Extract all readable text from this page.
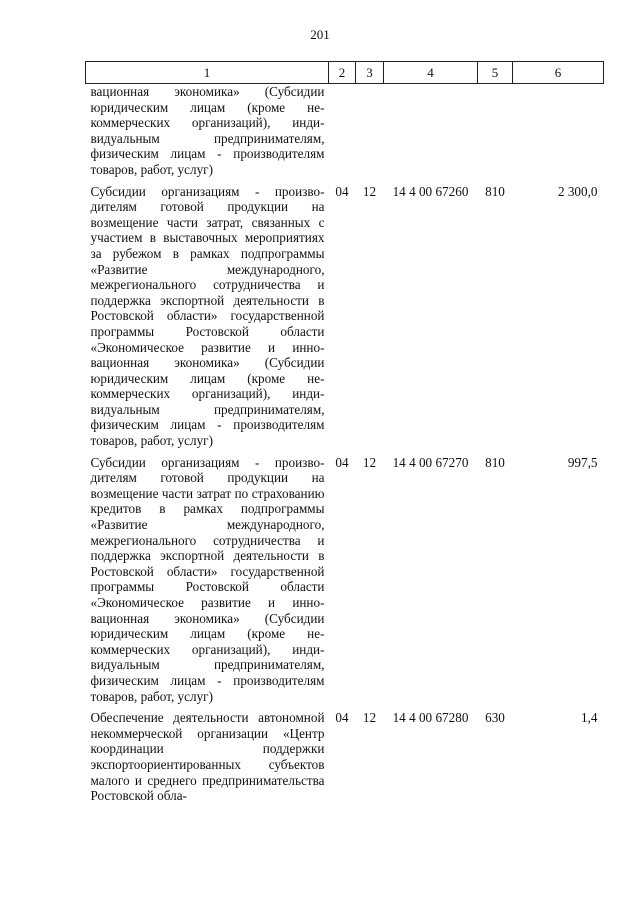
201
1	2	3	4	5	6
вационная экономика» (Субсидии юридическим лицам (кроме некоммерческих организаций), индивидуальным предпринимателям, физическим лицам - производителям товаров, работ, услуг)					
Субсидии организациям - производителям готовой продукции на возмещение части затрат, связанных с участием в выставочных мероприятиях за рубежом в рамках подпрограммы «Развитие международного, межрегионального сотрудничества и поддержка экспортной деятельности в Ростовской области» государственной программы Ростовской области «Экономическое развитие и инновационная экономика» (Субсидии юридическим лицам (кроме некоммерческих организаций), индивидуальным предпринимателям, физическим лицам - производителям товаров, работ, услуг)	04	12	14 4 00 67260	810	2 300,0
Субсидии организациям - производителям готовой продукции на возмещение части затрат по страхованию кредитов в рамках подпрограммы «Развитие международного, межрегионального сотрудничества и поддержка экспортной деятельности в Ростовской области» государственной программы Ростовской области «Экономическое развитие и инновационная экономика» (Субсидии юридическим лицам (кроме некоммерческих организаций), индивидуальным предпринимателям, физическим лицам - производителям товаров, работ, услуг)	04	12	14 4 00 67270	810	997,5
Обеспечение деятельности автономной некоммерческой организации «Центр координации поддержки экспортоориентированных субъектов малого и среднего предпринимательства Ростовской обла-	04	12	14 4 00 67280	630	1,4
